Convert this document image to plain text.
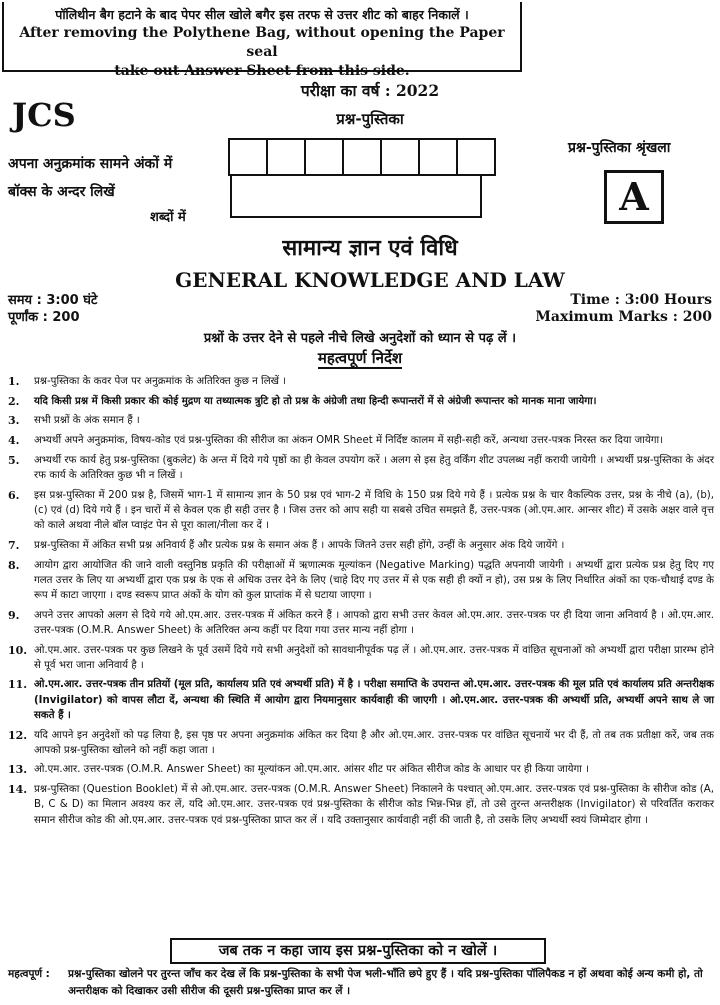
पॉलिथीन बैग हटाने के बाद पेपर सील खोले बगैर इस तरफ से उत्तर शीट को बाहर निकालें ।
After removing the Polythene Bag, without opening the Paper seal
take out Answer Sheet from this side.
परीक्षा का वर्ष : 2022
JCS	प्रश्न-पुस्तिका
अपना अनुक्रमांक सामने अंकों में
बॉक्स के अन्दर लिखें
शब्दों में
प्रश्न-पुस्तिका श्रृंखला
A
सामान्य ज्ञान एवं विधि
GENERAL KNOWLEDGE AND LAW
समय : 3:00 घंटे
पूर्णांक : 200
Time : 3:00 Hours
Maximum Marks : 200
प्रश्नों के उत्तर देने से पहले नीचे लिखे अनुदेशों को ध्यान से पढ़ लें ।
महत्वपूर्ण निर्देश
1.	प्रश्न-पुस्तिका के कवर पेज पर अनुक्रमांक के अतिरिक्त कुछ न लिखें ।
2.	यदि किसी प्रश्न में किसी प्रकार की कोई मुद्रण या तथ्यात्मक त्रुटि हो तो प्रश्न के अंग्रेजी तथा हिन्दी रूपान्तरों में से अंग्रेजी रूपान्तर को मानक माना जायेगा।
3.	सभी प्रश्नों के अंक समान हैं ।
4.	अभ्यर्थी अपने अनुक्रमांक, विषय-कोड एवं प्रश्न-पुस्तिका की सीरीज का अंकन OMR Sheet में निर्दिष्ट कालम में सही-सही करें, अन्यथा उत्तर-पत्रक निरस्त कर दिया जायेगा।
5.	अभ्यर्थी रफ कार्य हेतु प्रश्न-पुस्तिका (बुकलेट) के अन्त में दिये गये पृष्ठों का ही केवल उपयोग करें । अलग से इस हेतु वर्किंग शीट उपलब्ध नहीं करायी जायेगी । अभ्यर्थी प्रश्न-पुस्तिका के अंदर रफ कार्य के अतिरिक्त कुछ भी न लिखें ।
6.	इस प्रश्न-पुस्तिका में 200 प्रश्न है, जिसमें भाग-1 में सामान्य ज्ञान के 50 प्रश्न एवं भाग-2 में विधि के 150 प्रश्न दिये गये हैं । प्रत्येक प्रश्न के चार वैकल्पिक उत्तर, प्रश्न के नीचे (a), (b), (c) एवं (d) दिये गये हैं । इन चारों में से केवल एक ही सही उत्तर है । जिस उत्तर को आप सही या सबसे उचित समझते हैं, उत्तर-पत्रक (ओ.एम.आर. आन्सर शीट) में उसके अक्षर वाले वृत्त को काले अथवा नीले बॉल प्वाइंट पेन से पूरा काला/नीला कर दें ।
7.	प्रश्न-पुस्तिका में अंकित सभी प्रश्न अनिवार्य हैं और प्रत्येक प्रश्न के समान अंक हैं । आपके जितने उत्तर सही होंगे, उन्हीं के अनुसार अंक दिये जायेंगे ।
8.	आयोग द्वारा आयोजित की जाने वाली वस्तुनिष्ठ प्रकृति की परीक्षाओं में ऋणात्मक मूल्यांकन (Negative Marking) पद्धति अपनायी जायेगी । अभ्यर्थी द्वारा प्रत्येक प्रश्न हेतु दिए गए गलत उत्तर के लिए या अभ्यर्थी द्वारा एक प्रश्न के एक से अधिक उत्तर देने के लिए (चाहे दिए गए उत्तर में से एक सही ही क्यों न हो), उस प्रश्न के लिए निर्धारित अंकों का एक-चौथाई दण्ड के रूप में काटा जाएगा । दण्ड स्वरूप प्राप्त अंकों के योग को कुल प्राप्तांक में से घटाया जाएगा ।
9.	अपने उत्तर आपको अलग से दिये गये ओ.एम.आर. उत्तर-पत्रक में अंकित करने हैं । आपको द्वारा सभी उत्तर केवल ओ.एम.आर. उत्तर-पत्रक पर ही दिया जाना अनिवार्य है । ओ.एम.आर. उत्तर-पत्रक (O.M.R. Answer Sheet) के अतिरिक्त अन्य कहीं पर दिया गया उत्तर मान्य नहीं होगा ।
10. ओ.एम.आर. उत्तर-पत्रक पर कुछ लिखने के पूर्व उसमें दिये गये सभी अनुदेशों को सावधानीपूर्वक पढ़ लें । ओ.एम.आर. उत्तर-पत्रक में वांछित सूचनाओं को अभ्यर्थी द्वारा परीक्षा प्रारम्भ होने से पूर्व भरा जाना अनिवार्य है ।
11. ओ.एम.आर. उत्तर-पत्रक तीन प्रतियों (मूल प्रति, कार्यालय प्रति एवं अभ्यर्थी प्रति) में है । परीक्षा समाप्ति के उपरान्त ओ.एम.आर. उत्तर-पत्रक की मूल प्रति एवं कार्यालय प्रति अन्तरीक्षक (Invigilator) को वापस लौटा दें, अन्यथा की स्थिति में आयोग द्वारा नियमानुसार कार्यवाही की जाएगी । ओ.एम.आर. उत्तर-पत्रक की अभ्यर्थी प्रति, अभ्यर्थी अपने साथ ले जा सकते हैं ।
12. यदि आपने इन अनुदेशों को पढ़ लिया है, इस पृष्ठ पर अपना अनुक्रमांक अंकित कर दिया है और ओ.एम.आर. उत्तर-पत्रक पर वांछित सूचनायें भर दी हैं, तो तब तक प्रतीक्षा करें, जब तक आपको प्रश्न-पुस्तिका खोलने को नहीं कहा जाता ।
13. ओ.एम.आर. उत्तर-पत्रक (O.M.R. Answer Sheet) का मूल्यांकन ओ.एम.आर. आंसर शीट पर अंकित सीरीज कोड के आधार पर ही किया जायेगा ।
14. प्रश्न-पुस्तिका (Question Booklet) में से ओ.एम.आर. उत्तर-पत्रक (O.M.R. Answer Sheet) निकालने के पश्चात् ओ.एम.आर. उत्तर-पत्रक एवं प्रश्न-पुस्तिका के सीरीज कोड (A, B, C & D) का मिलान अवश्य कर लें, यदि ओ.एम.आर. उत्तर-पत्रक एवं प्रश्न-पुस्तिका के सीरीज कोड भिन्न-भिन्न हों, तो उसे तुरन्त अन्तरीक्षक (Invigilator) से परिवर्तित कराकर समान सीरीज कोड की ओ.एम.आर. उत्तर-पत्रक एवं प्रश्न-पुस्तिका प्राप्त कर लें । यदि उक्तानुसार कार्यवाही नहीं की जाती है, तो उसके लिए अभ्यर्थी स्वयं जिम्मेदार होगा ।
जब तक न कहा जाय इस प्रश्न-पुस्तिका को न खोलें ।
महत्वपूर्ण :	प्रश्न-पुस्तिका खोलने पर तुरन्त जाँच कर देख लें कि प्रश्न-पुस्तिका के सभी पेज भली-भाँति छपे हुए हैं । यदि प्रश्न-पुस्तिका पॉलिपैकड न हों अथवा कोई अन्य कमी हो, तो अन्तरीक्षक को दिखाकर उसी सीरीज की दूसरी प्रश्न-पुस्तिका प्राप्त कर लें ।
